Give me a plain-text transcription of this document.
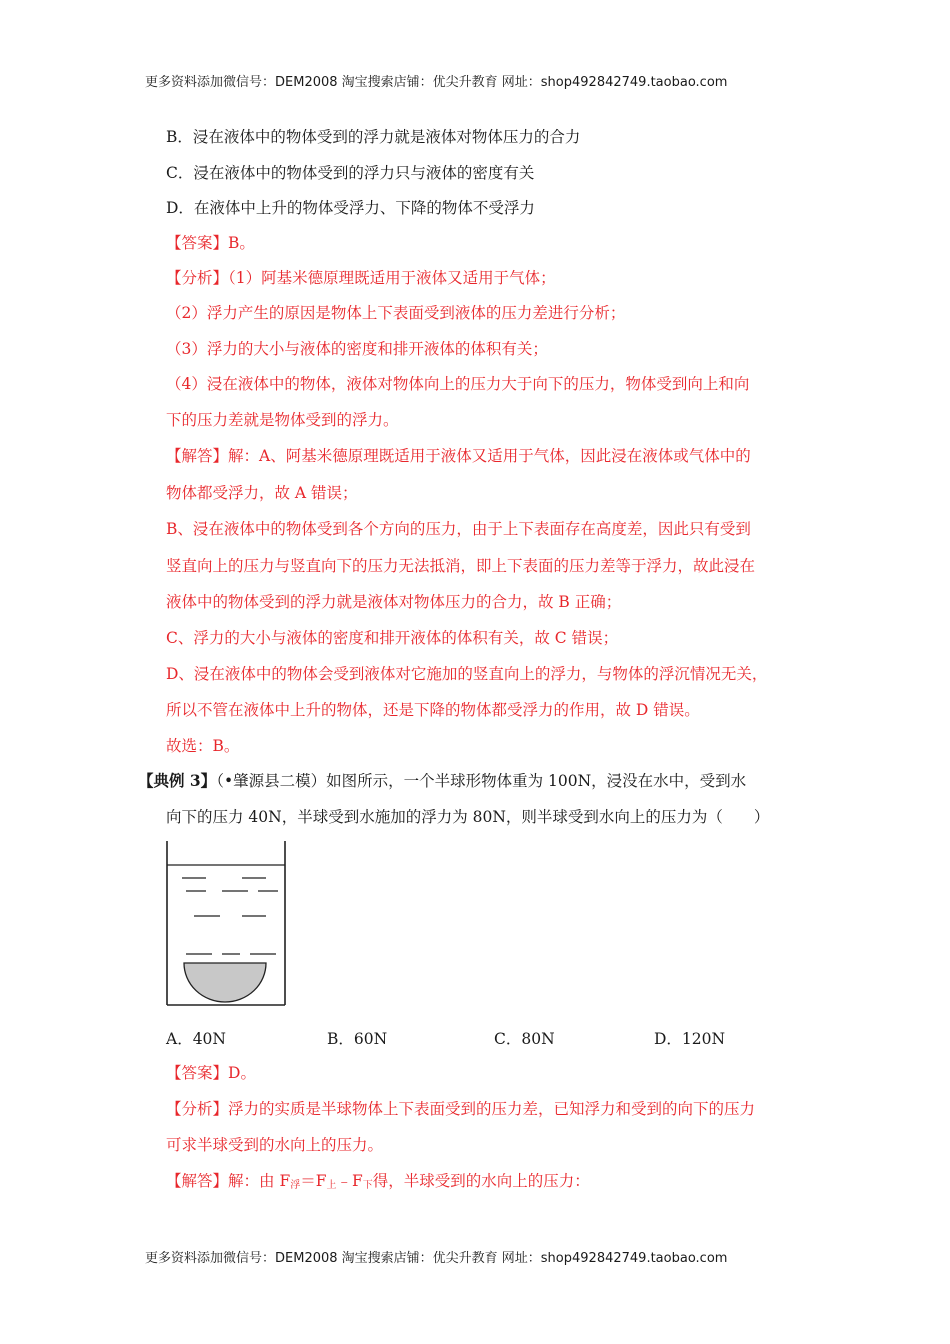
更多资料添加微信号：DEM2008 淘宝搜索店铺：优尖升教育 网址：shop492842749.taobao.com
B．浸在液体中的物体受到的浮力就是液体对物体压力的合力
C．浸在液体中的物体受到的浮力只与液体的密度有关
D．在液体中上升的物体受浮力、下降的物体不受浮力
【答案】B。
【分析】（1）阿基米德原理既适用于液体又适用于气体；
（2）浮力产生的原因是物体上下表面受到液体的压力差进行分析；
（3）浮力的大小与液体的密度和排开液体的体积有关；
（4）浸在液体中的物体，液体对物体向上的压力大于向下的压力，物体受到向上和向
下的压力差就是物体受到的浮力。
【解答】解：A、阿基米德原理既适用于液体又适用于气体，因此浸在液体或气体中的
物体都受浮力，故 A 错误；
B、浸在液体中的物体受到各个方向的压力，由于上下表面存在高度差，因此只有受到
竖直向上的压力与竖直向下的压力无法抵消，即上下表面的压力差等于浮力，故此浸在
液体中的物体受到的浮力就是液体对物体压力的合力，故 B 正确；
C、浮力的大小与液体的密度和排开液体的体积有关，故 C 错误；
D、浸在液体中的物体会受到液体对它施加的竖直向上的浮力，与物体的浮沉情况无关，
所以不管在液体中上升的物体，还是下降的物体都受浮力的作用，故 D 错误。
故选：B。
【典例 3】（•肇源县二模）如图所示，一个半球形物体重为 100N，浸没在水中，受到水
向下的压力 40N，半球受到水施加的浮力为 80N，则半球受到水向上的压力为（　　）
A．40N	B．60N	C．80N	D．120N
【答案】D。
【分析】浮力的实质是半球物体上下表面受到的压力差，已知浮力和受到的向下的压力
可求半球受到的水向上的压力。
【解答】解：由 $F_浮=F_上﹣F_下$得，半球受到的水向上的压力：
更多资料添加微信号：DEM2008 淘宝搜索店铺：优尖升教育 网址：shop492842749.taobao.com
